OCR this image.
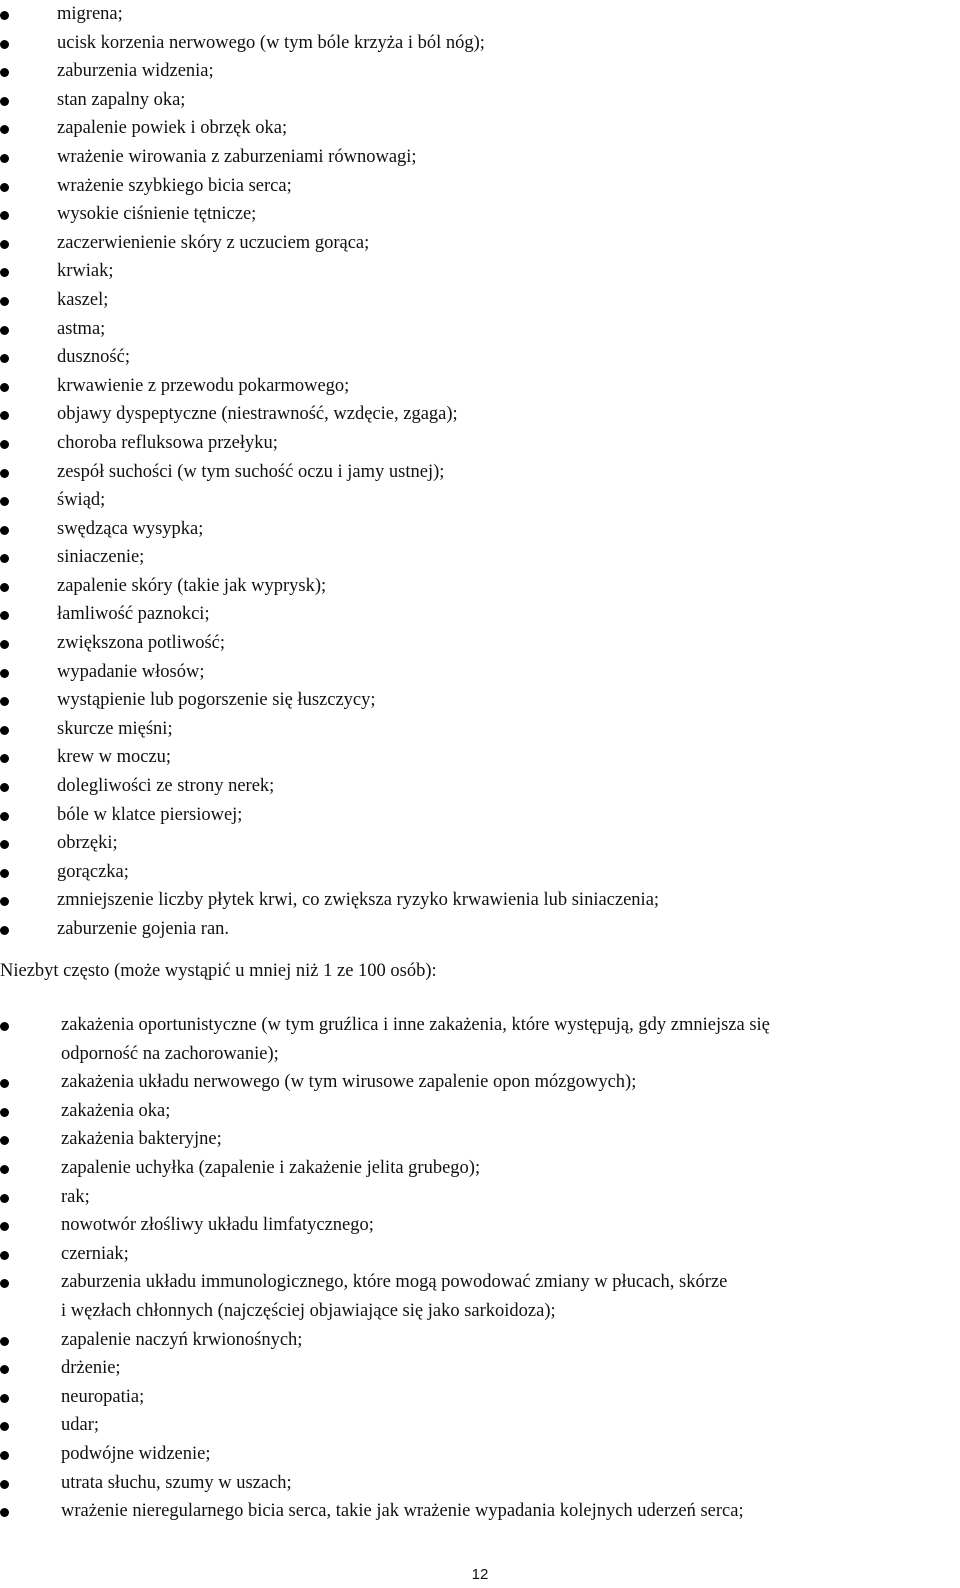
migrena;
ucisk korzenia nerwowego (w tym bóle krzyża i ból nóg);
zaburzenia widzenia;
stan zapalny oka;
zapalenie powiek i obrzęk oka;
wrażenie wirowania z zaburzeniami równowagi;
wrażenie szybkiego bicia serca;
wysokie ciśnienie tętnicze;
zaczerwienienie skóry z uczuciem gorąca;
krwiak;
kaszel;
astma;
duszność;
krwawienie z przewodu pokarmowego;
objawy dyspeptyczne (niestrawność, wzdęcie, zgaga);
choroba refluksowa przełyku;
zespół suchości (w tym suchość oczu i jamy ustnej);
świąd;
swędząca wysypka;
siniaczenie;
zapalenie skóry (takie jak wyprysk);
łamliwość paznokci;
zwiększona potliwość;
wypadanie włosów;
wystąpienie lub pogorszenie się łuszczycy;
skurcze mięśni;
krew w moczu;
dolegliwości ze strony nerek;
bóle w klatce piersiowej;
obrzęki;
gorączka;
zmniejszenie liczby płytek krwi, co zwiększa ryzyko krwawienia lub siniaczenia;
zaburzenie gojenia ran.
Niezbyt często (może wystąpić u mniej niż 1 ze 100 osób):
zakażenia oportunistyczne (w tym gruźlica i inne zakażenia, które występują, gdy zmniejsza się
odporność na zachorowanie);
zakażenia układu nerwowego (w tym wirusowe zapalenie opon mózgowych);
zakażenia oka;
zakażenia bakteryjne;
zapalenie uchyłka (zapalenie i zakażenie jelita grubego);
rak;
nowotwór złośliwy układu limfatycznego;
czerniak;
zaburzenia układu immunologicznego, które mogą powodować zmiany w płucach, skórze
i węzłach chłonnych (najczęściej objawiające się jako sarkoidoza);
zapalenie naczyń krwionośnych;
drżenie;
neuropatia;
udar;
podwójne widzenie;
utrata słuchu, szumy w uszach;
wrażenie nieregularnego bicia serca, takie jak wrażenie wypadania kolejnych uderzeń serca;
12
